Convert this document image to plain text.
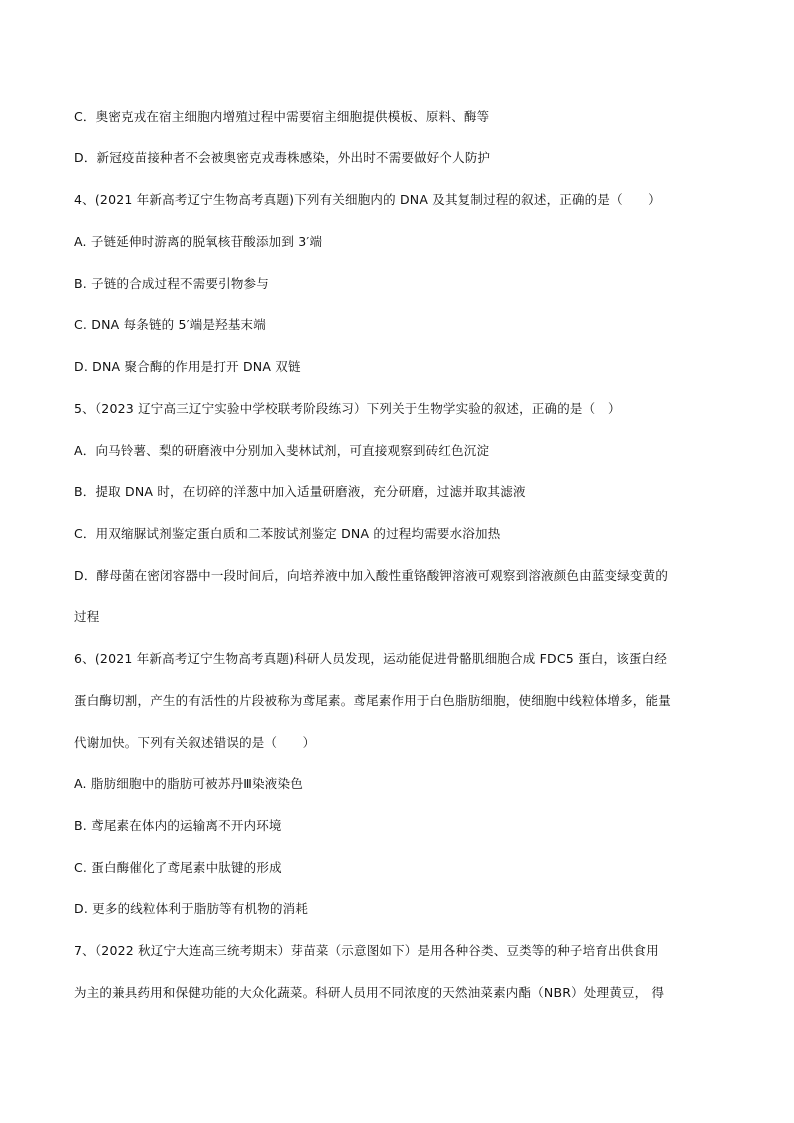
C．奥密克戎在宿主细胞内增殖过程中需要宿主细胞提供模板、原料、酶等
D．新冠疫苗接种者不会被奥密克戎毒株感染，外出时不需要做好个人防护
4、(2021 年新高考辽宁生物高考真题)下列有关细胞内的 DNA 及其复制过程的叙述，正确的是（　　）
A. 子链延伸时游离的脱氧核苷酸添加到 3′端
B. 子链的合成过程不需要引物参与
C. DNA 每条链的 5′端是羟基末端
D. DNA 聚合酶的作用是打开 DNA 双链
5、（2023 辽宁高三辽宁实验中学校联考阶段练习）下列关于生物学实验的叙述，正确的是（　）
A．向马铃薯、梨的研磨液中分别加入斐林试剂，可直接观察到砖红色沉淀
B．提取 DNA 时，在切碎的洋葱中加入适量研磨液，充分研磨，过滤并取其滤液
C．用双缩脲试剂鉴定蛋白质和二苯胺试剂鉴定 DNA 的过程均需要水浴加热
D．酵母菌在密闭容器中一段时间后，向培养液中加入酸性重铬酸钾溶液可观察到溶液颜色由蓝变绿变黄的
过程
6、(2021 年新高考辽宁生物高考真题)科研人员发现，运动能促进骨骼肌细胞合成 FDC5 蛋白，该蛋白经
蛋白酶切割，产生的有活性的片段被称为鸢尾素。鸢尾素作用于白色脂肪细胞，使细胞中线粒体增多，能量
代谢加快。下列有关叙述错误的是（　　）
A. 脂肪细胞中的脂肪可被苏丹Ⅲ染液染色
B. 鸢尾素在体内的运输离不开内环境
C. 蛋白酶催化了鸢尾素中肽键的形成
D. 更多的线粒体利于脂肪等有机物的消耗
7、（2022 秋辽宁大连高三统考期末）芽苗菜（示意图如下）是用各种谷类、豆类等的种子培育出供食用
为主的兼具药用和保健功能的大众化蔬菜。科研人员用不同浓度的天然油菜素内酯（NBR）处理黄豆， 得
